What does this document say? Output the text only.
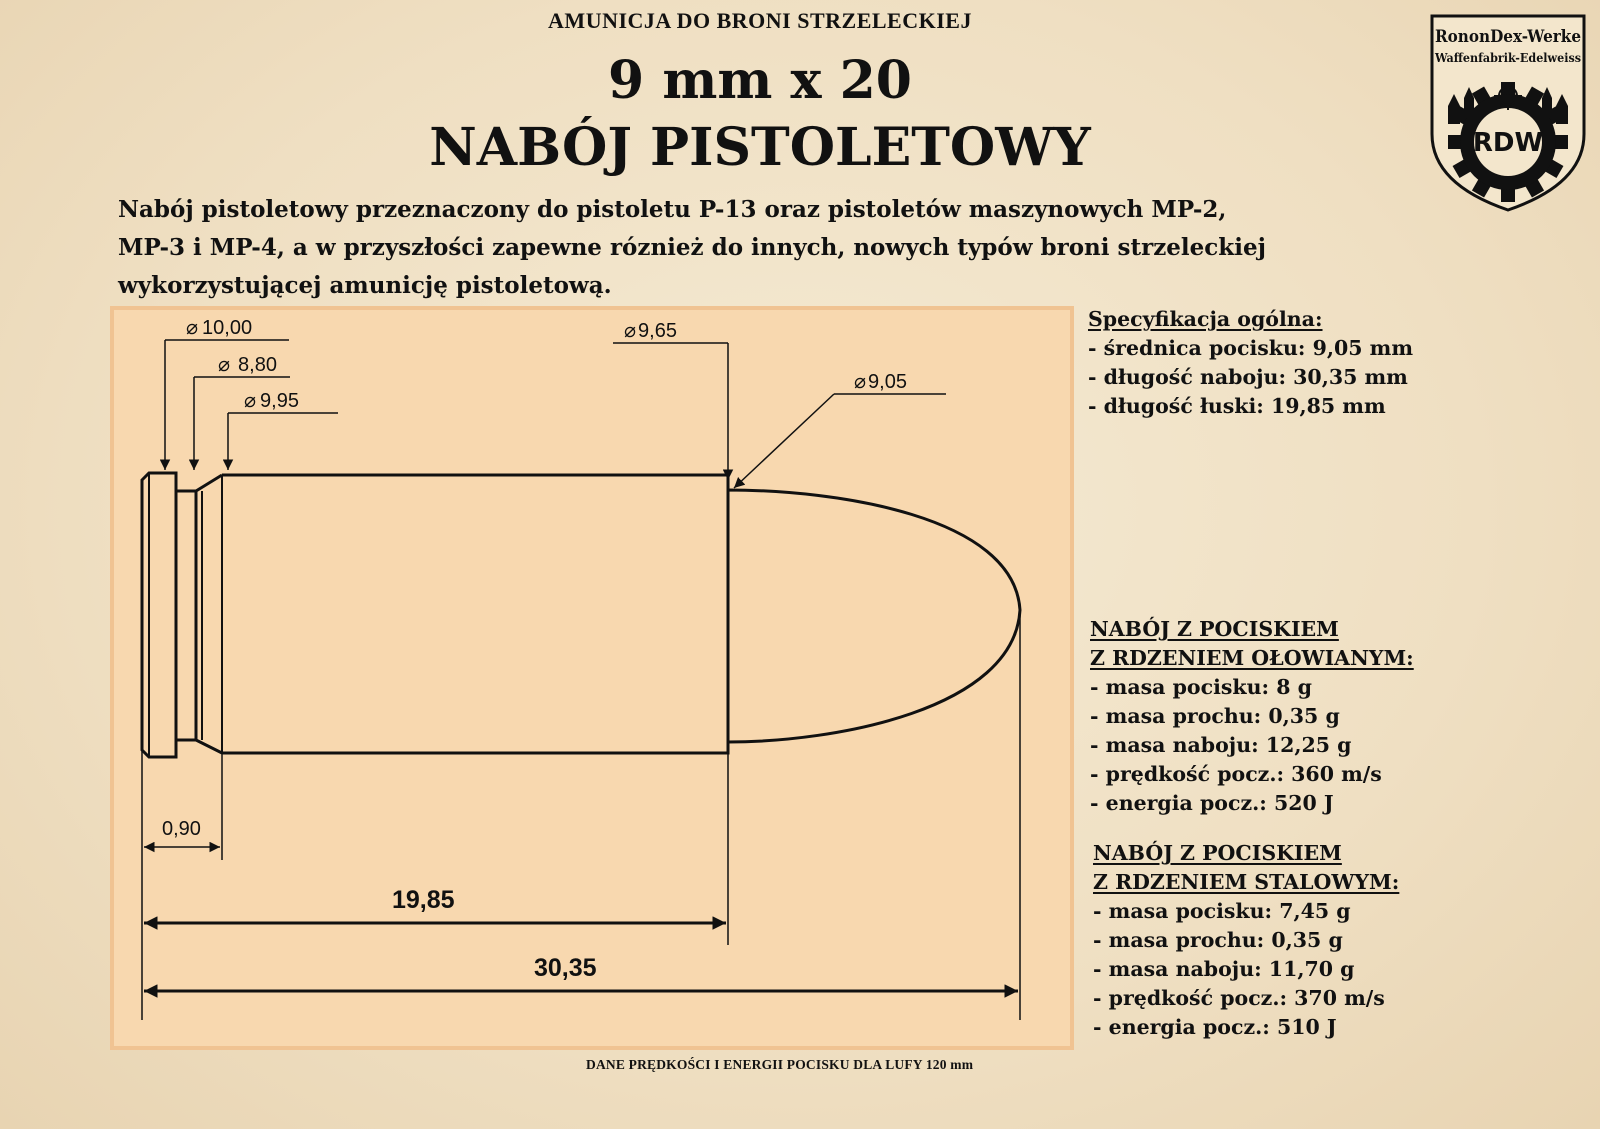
AMUNICJA DO BRONI STRZELECKIEJ
9 mm x 20
NABÓJ PISTOLETOWY
Nabój pistoletowy przeznaczony do pistoletu P-13 oraz pistoletów maszynowych MP-2,
MP-3 i MP-4, a w przyszłości zapewne róznież do innych, nowych typów broni strzeleckiej
wykorzystującej amunicję pistoletową.
RononDex-Werke
Waffenfabrik-Edelweiss
RDW
⌀ 10,00
⌀ 8,80
⌀ 9,95
⌀ 9,65
⌀ 9,05
0,90
19,85
30,35
Specyfikacja ogólna:
- średnica pocisku: 9,05 mm
- długość naboju: 30,35 mm
- długość łuski: 19,85 mm
NABÓJ Z POCISKIEM
Z RDZENIEM OŁOWIANYM:
- masa pocisku: 8 g
- masa prochu: 0,35 g
- masa naboju: 12,25 g
- prędkość pocz.: 360 m/s
- energia pocz.: 520 J
NABÓJ Z POCISKIEM
Z RDZENIEM STALOWYM:
- masa pocisku: 7,45 g
- masa prochu: 0,35 g
- masa naboju: 11,70 g
- prędkość pocz.: 370 m/s
- energia pocz.: 510 J
DANE PRĘDKOŚCI I ENERGII POCISKU DLA LUFY 120 mm
